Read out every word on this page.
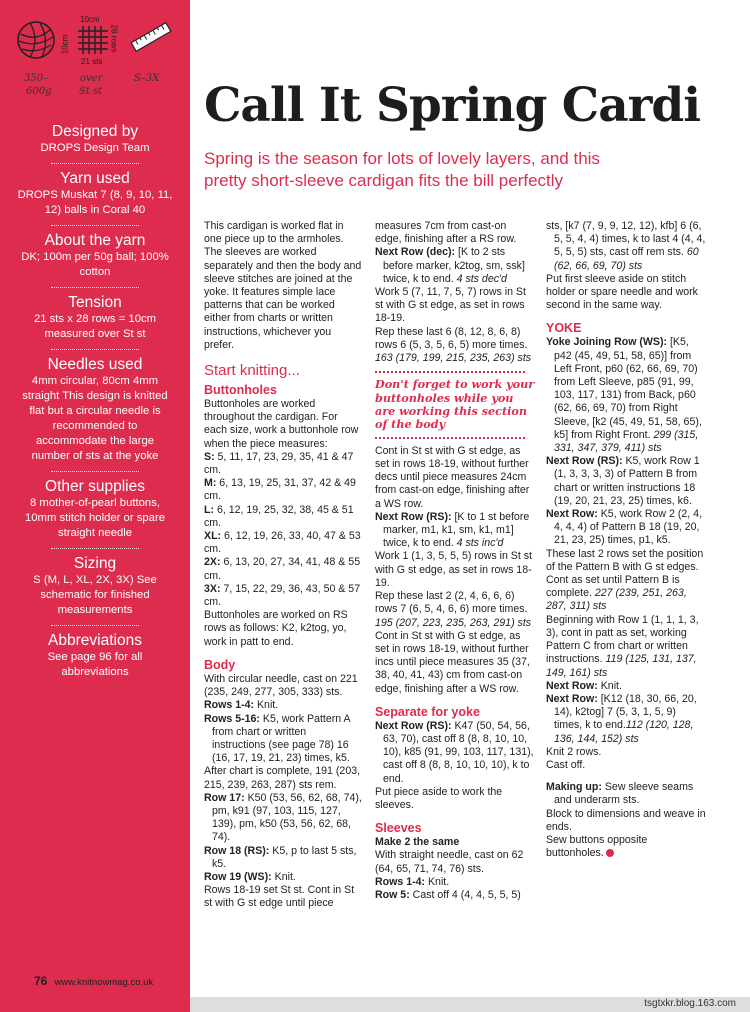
10cm
10cm	28 rows
21 sts
350–
600g
over
St st
S–3X
Designed by
DROPS Design Team
Yarn used
DROPS Muskat 7 (8, 9, 10, 11, 12) balls in Coral 40
About the yarn
DK; 100m per 50g ball; 100% cotton
Tension
21 sts x 28 rows = 10cm measured over St st
Needles used
4mm circular, 80cm 4mm straight This design is knitted flat but a circular needle is recommended to accommodate the large number of sts at the yoke
Other supplies
8 mother-of-pearl buttons, 10mm stitch holder or spare straight needle
Sizing
S (M, L, XL, 2X, 3X) See schematic for finished measurements
Abbreviations
See page 96 for all abbreviations
Call It Spring Cardi
Spring is the season for lots of lovely layers, and this pretty short-sleeve cardigan fits the bill perfectly

This cardigan is worked flat in one piece up to the armholes. The sleeves are worked separately and then the body and sleeve stitches are joined at the yoke. It features simple lace patterns that can be worked either from charts or written instructions, whichever you prefer.

Start knitting...
Buttonholes

Buttonholes are worked throughout the cardigan. For each size, work a buttonhole row when the piece measures:

S: 5, 11, 17, 23, 29, 35, 41 & 47 cm.

M: 6, 13, 19, 25, 31, 37, 42 & 49 cm.

L: 6, 12, 19, 25, 32, 38, 45 & 51 cm.

XL: 6, 12, 19, 26, 33, 40, 47 & 53 cm.

2X: 6, 13, 20, 27, 34, 41, 48 & 55 cm.

3X: 7, 15, 22, 29, 36, 43, 50 & 57 cm.

Buttonholes are worked on RS rows as follows: K2, k2tog, yo, work in patt to end.

Body

With circular needle, cast on 221 (235, 249, 277, 305, 333) sts.

Rows 1-4: Knit.

Rows 5-16: K5, work Pattern A from chart or written instructions (see page 78) 16 (16, 17, 19, 21, 23) times, k5.

After chart is complete, 191 (203, 215, 239, 263, 287) sts rem.

Row 17: K50 (53, 56, 62, 68, 74), pm, k91 (97, 103, 115, 127, 139), pm, k50 (53, 56, 62, 68, 74).

Row 18 (RS): K5, p to last 5 sts, k5.

Row 19 (WS): Knit.

Rows 18-19 set St st. Cont in St st with G st edge until piece

measures 7cm from cast-on edge, finishing after a RS row.

Next Row (dec): [K to 2 sts before marker, k2tog, sm, ssk] twice, k to end. 4 sts dec'd

Work 5 (7, 11, 7, 5, 7) rows in St st with G st edge, as set in rows 18-19.

Rep these last 6 (8, 12, 8, 6, 8) rows 6 (5, 3, 5, 6, 5) more times. 163 (179, 199, 215, 235, 263) sts

Don't forget to work your buttonholes while you are working this section of the body

Cont in St st with G st edge, as set in rows 18-19, without further decs until piece measures 24cm from cast-on edge, finishing after a WS row.

Next Row (RS): [K to 1 st before marker, m1, k1, sm, k1, m1] twice, k to end. 4 sts inc'd

Work 1 (1, 3, 5, 5, 5) rows in St st with G st edge, as set in rows 18-19.

Rep these last 2 (2, 4, 6, 6, 6) rows 7 (6, 5, 4, 6, 6) more times. 195 (207, 223, 235, 263, 291) sts

Cont in St st with G st edge, as set in rows 18-19, without further incs until piece measures 35 (37, 38, 40, 41, 43) cm from cast-on edge, finishing after a WS row.

Separate for yoke

Next Row (RS): K47 (50, 54, 56, 63, 70), cast off 8 (8, 8, 10, 10, 10), k85 (91, 99, 103, 117, 131), cast off 8 (8, 8, 10, 10, 10), k to end.

Put piece aside to work the sleeves.

Sleeves

Make 2 the same

With straight needle, cast on 62 (64, 65, 71, 74, 76) sts.

Rows 1-4: Knit.

Row 5: Cast off 4 (4, 4, 5, 5, 5)

sts, [k7 (7, 9, 9, 12, 12), kfb] 6 (6, 5, 5, 4, 4) times, k to last 4 (4, 4, 5, 5, 5) sts, cast off rem sts. 60 (62, 66, 69, 70) sts

Put first sleeve aside on stitch holder or spare needle and work second in the same way.

YOKE

Yoke Joining Row (WS): [K5, p42 (45, 49, 51, 58, 65)] from Left Front, p60 (62, 66, 69, 70) from Left Sleeve, p85 (91, 99, 103, 117, 131) from Back, p60 (62, 66, 69, 70) from Right Sleeve, [k2 (45, 49, 51, 58, 65), k5] from Right Front. 299 (315, 331, 347, 379, 411) sts

Next Row (RS): K5, work Row 1 (1, 3, 3, 3, 3) of Pattern B from chart or written instructions 18 (19, 20, 21, 23, 25) times, k6.

Next Row: K5, work Row 2 (2, 4, 4, 4, 4) of Pattern B 18 (19, 20, 21, 23, 25) times, p1, k5.

These last 2 rows set the position of the Pattern B with G st edges. Cont as set until Pattern B is complete. 227 (239, 251, 263, 287, 311) sts

Beginning with Row 1 (1, 1, 1, 3, 3), cont in patt as set, working Pattern C from chart or written instructions. 119 (125, 131, 137, 149, 161) sts

Next Row: Knit.

Next Row: [K12 (18, 30, 66, 20, 14), k2tog] 7 (5, 3, 1, 5, 9) times, k to end.112 (120, 128, 136, 144, 152) sts

Knit 2 rows.

Cast off.

Making up: Sew sleeve seams and underarm sts.

Block to dimensions and weave in ends.

Sew buttons opposite buttonholes.

tsgtxkr.blog.163.com
76 www.knitnowmag.co.uk
